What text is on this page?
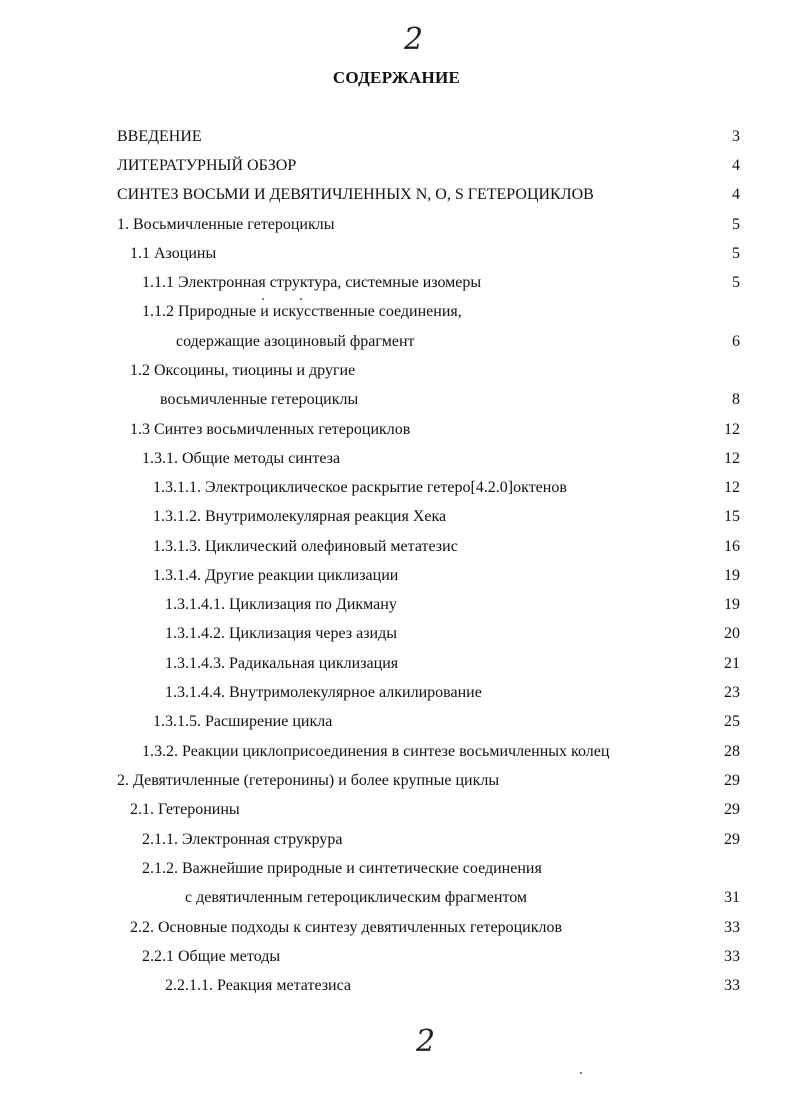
2
СОДЕРЖАНИЕ
ВВЕДЕНИЕ	3
ЛИТЕРАТУРНЫЙ ОБЗОР	4
СИНТЕЗ ВОСЬМИ И ДЕВЯТИЧЛЕННЫХ N, O, S ГЕТЕРОЦИКЛОВ	4
1. Восьмичленные гетероциклы	5
1.1 Азоцины	5
1.1.1 Электронная структура, системные изомеры	5
1.1.2 Природные и искусственные соединения,
содержащие азоциновый фрагмент	6
1.2 Оксоцины, тиоцины и другие
восьмичленные гетероциклы	8
1.3 Синтез восьмичленных гетероциклов	12
1.3.1. Общие методы синтеза	12
1.3.1.1. Электроциклическое раскрытие гетеро[4.2.0]октенов	12
1.3.1.2. Внутримолекулярная реакция Хека	15
1.3.1.3. Циклический олефиновый метатезис	16
1.3.1.4. Другие реакции циклизации	19
1.3.1.4.1. Циклизация по Дикману	19
1.3.1.4.2. Циклизация через азиды	20
1.3.1.4.3. Радикальная циклизация	21
1.3.1.4.4. Внутримолекулярное алкилирование	23
1.3.1.5. Расширение цикла	25
1.3.2. Реакции циклоприсоединения в синтезе восьмичленных колец	28
2. Девятичленные (гетеронины) и более крупные циклы	29
2.1. Гетеронины	29
2.1.1. Электронная струкрура	29
2.1.2. Важнейшие природные и синтетические соединения
с девятичленным гетероциклическим фрагментом	31
2.2. Основные подходы к синтезу девятичленных гетероциклов	33
2.2.1 Общие методы	33
2.2.1.1. Реакция метатезиса	33
2
